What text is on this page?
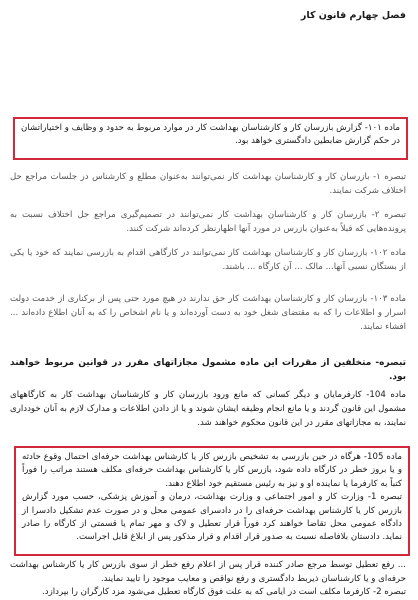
فصل چهارم قانون کار
ماده ۱۰۱- گزارش بازرسان کار و کارشناسان بهداشت کار در موارد مربوط به حدود و وظایف و اختیاراتشان در حکم گزارش ضابطین دادگستری خواهد بود.
تبصره ۱- بازرسان کار و کارشناسان بهداشت کار نمی‌توانند به‌عنوان مطلع و کارشناس در جلسات مراجع حل اختلاف شرکت نمایند.
تبصره ۲- بازرسان کار و کارشناسان بهداشت کار نمی‌توانند در تصمیم‌گیری مراجع حل اختلاف نسبت به پرونده‌هایی که قبلاً به‌عنوان بازرس در مورد آنها اظهارنظر کرده‌اند شرکت کنند.
ماده ۱۰۲- بازرسان کار و کارشناسان بهداشت کار نمی‌توانند در کارگاهی اقدام به بازرسی نمایند که خود یا یکی از بستگان نسبی آنها... مالک ... آن کارگاه ... باشند.
ماده ۱۰۳- بازرسان کار و کارشناسان بهداشت کار حق ندارند در هیچ مورد حتی پس از برکناری از خدمت دولت اسرار و اطلاعات را که به مقتضای شغل خود به دست آورده‌اند و یا نام اشخاص را که به آنان اطلاع داده‌اند ... افشاء نمایند.
تبصره- متخلفین از مقررات این ماده مشمول مجازاتهای مقرر در قوانین مربوط خواهند بود.
ماده 104- کارفرمایان و دیگر کسانی که مانع ورود بازرسان کار و کارشناسان بهداشت کار به کارگاههای مشمول این قانون گردند و یا مانع انجام وظیفه ایشان شوند و یا از دادن اطلاعات و مدارک لازم به آنان خودداری نمایند، به مجازاتهای مقرر در این قانون محکوم خواهند شد.
ماده 105- هرگاه در حین بازرسی به تشخیص بازرس کار یا کارشناس بهداشت حرفه‌ای احتمال وقوع حادثه و یا بروز خطر در کارگاه داده شود، بازرس کار یا کارشناس بهداشت حرفه‌ای مکلف هستند مراتب را فوراً کتباً به کارفرما یا نماینده او و نیز به رئیس مستقیم خود اطلاع دهند.
تبصره 1- وزارت کار و امور اجتماعی و وزارت بهداشت، درمان و آموزش پزشکی، حسب مورد گزارش بازرس کار یا کارشناس بهداشت حرفه‌ای را در دادسرای عمومی محل و در صورت عدم تشکیل دادسرا از دادگاه عمومی محل تقاضا خواهند کرد فوراً قرار تعطیل و لاک و مهر تمام یا قسمتی از کارگاه را صادر نماید. دادستان بلافاصله نسبت به صدور قرار اقدام و قرار مذکور پس از ابلاغ قابل اجراست.
... رفع تعطیل توسط مرجع صادر کننده قرار پس از اعلام رفع خطر از سوی بازرس کار یا کارشناس بهداشت حرفه‌ای و یا کارشناسان ذیربط دادگستری و رفع نواقص و معایب موجود را تایید نمایند.
تبصره 2- کارفرما مکلف است در ایامی که به علت فوق کارگاه تعطیل می‌شود مزد کارگران را بپردازد.
